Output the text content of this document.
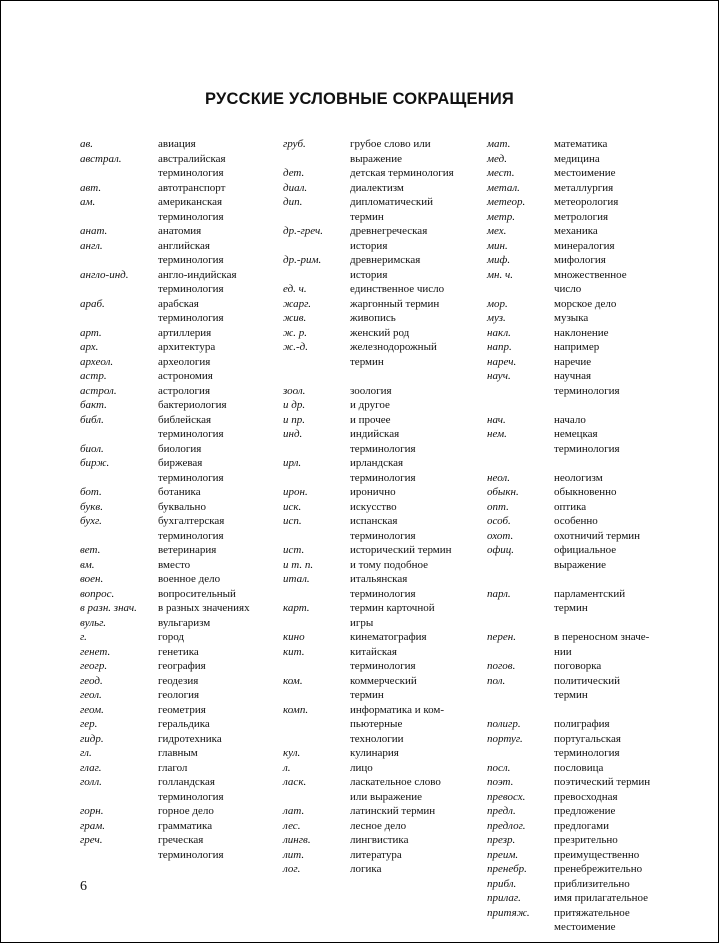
РУССКИЕ УСЛОВНЫЕ СОКРАЩЕНИЯ
ав.	авиация
австрал.	австралийская
терминология
авт.	автотранспорт
ам.	американская
терминология
анат.	анатомия
англ.	английская
терминология
англо-инд.	англо-индийская
терминология
араб.	арабская
терминология
арт.	артиллерия
арх.	архитектура
археол.	археология
астр.	астрономия
астрол.	астрология
бакт.	бактериология
библ.	библейская
терминология
биол.	биология
бирж.	биржевая
терминология
бот.	ботаника
букв.	буквально
бухг.	бухгалтерская
терминология
вет.	ветеринария
вм.	вместо
воен.	военное дело
вопрос.	вопросительный
в разн. знач.	в разных значениях
вульг.	вульгаризм
г.	город
генет.	генетика
геогр.	география
геод.	геодезия
геол.	геология
геом.	геометрия
гер.	геральдика
гидр.	гидротехника
гл.	главным
глаг.	глагол
голл.	голландская
терминология
горн.	горное дело
грам.	грамматика
греч.	греческая
терминология
груб.	грубое слово или
выражение
дет.	детская терминология
диал.	диалектизм
дип.	дипломатический
термин
др.-греч.	древнегреческая
история
др.-рим.	древнеримская
история
ед. ч.	единственное число
жарг.	жаргонный термин
жив.	живопись
ж. р.	женский род
ж.-д.	железнодорожный
термин
зоол.	зоология
и др.	и другое
и пр.	и прочее
инд.	индийская
терминология
ирл.	ирландская
терминология
ирон.	иронично
иск.	искусство
исп.	испанская
терминология
ист.	исторический термин
и т. п.	и тому подобное
итал.	итальянская
терминология
карт.	термин карточной
игры
кино	кинематография
кит.	китайская
терминология
ком.	коммерческий
термин
комп.	информатика и ком-
пьютерные
технологии
кул.	кулинария
л.	лицо
ласк.	ласкательное слово
или выражение
лат.	латинский термин
лес.	лесное дело
лингв.	лингвистика
лит.	литература
лог.	логика
мат.	математика
мед.	медицина
мест.	местоимение
метал.	металлургия
метеор.	метеорология
метр.	метрология
мех.	механика
мин.	минералогия
миф.	мифология
мн. ч.	множественное
число
мор.	морское дело
муз.	музыка
накл.	наклонение
напр.	например
нареч.	наречие
науч.	научная
терминология
нач.	начало
нем.	немецкая
терминология
неол.	неологизм
обыкн.	обыкновенно
опт.	оптика
особ.	особенно
охот.	охотничий термин
офиц.	официальное
выражение
парл.	парламентский
термин
перен.	в переносном значе-
нии
погов.	поговорка
пол.	политический
термин
полигр.	полиграфия
португ.	португальская
терминология
посл.	пословица
поэт.	поэтический термин
превосх.	превосходная
предл.	предложение
предлог.	предлогами
презр.	презрительно
преим.	преимущественно
пренебр.	пренебрежительно
прибл.	приблизительно
прилаг.	имя прилагательное
притяж.	притяжательное
местоимение
6
